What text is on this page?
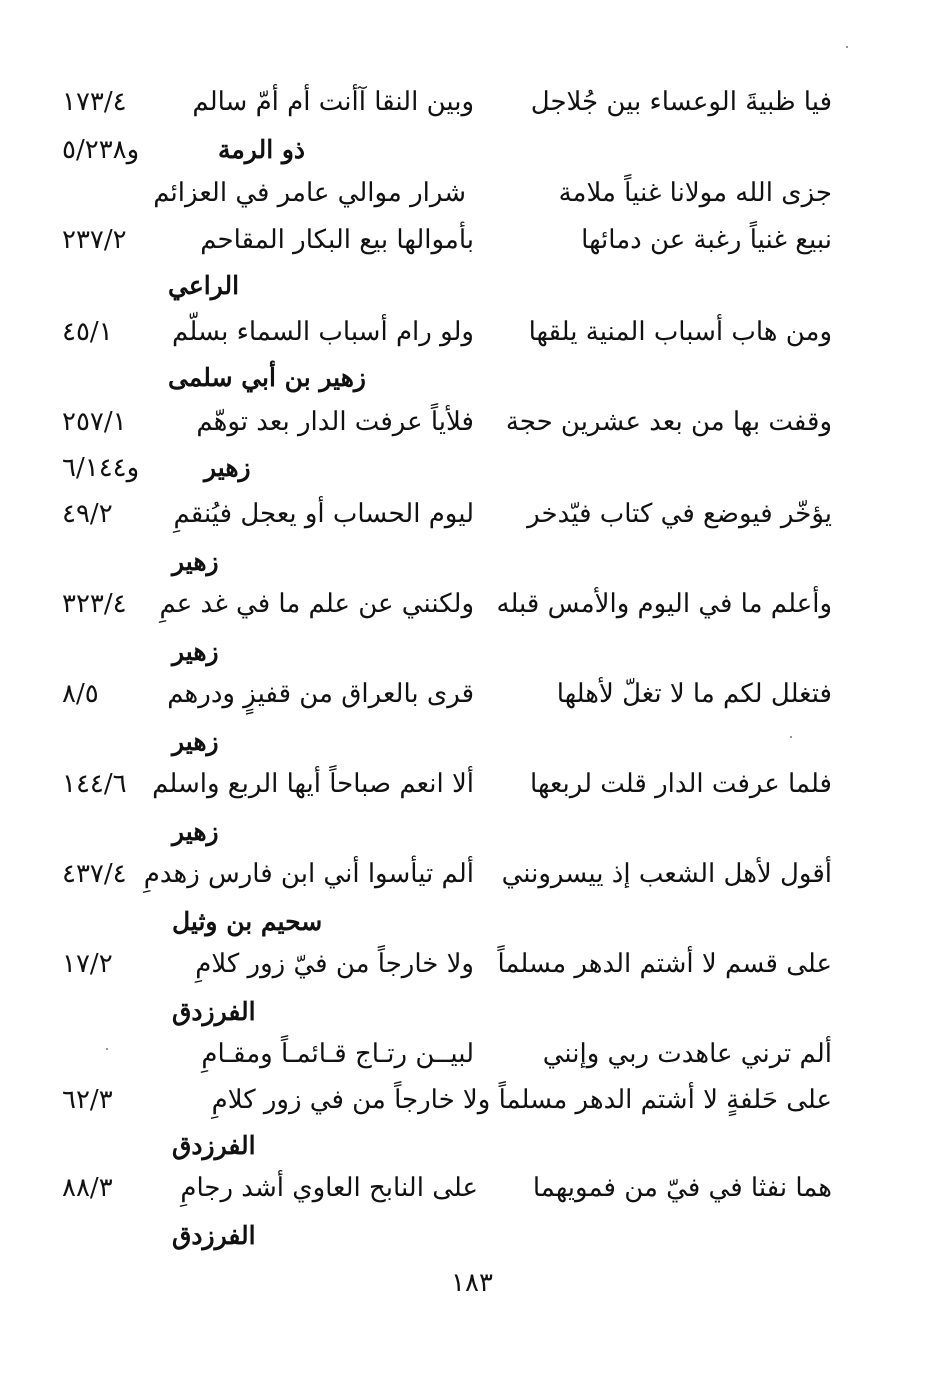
فيا ظبيةَ الوعساء بين جُلاجل
وبين النقا آأنت أم أمّ سالم
١٧٣/٤
ذو الرمة
و٥/٢٣٨
جزى الله مولانا غنياً ملامة
شرار موالي عامر في العزائم
نبيع غنياً رغبة عن دمائها
بأموالها بيع البكار المقاحم
٢٣٧/٢
الراعي
ومن هاب أسباب المنية يلقها
ولو رام أسباب السماء بسلّم
٤٥/١
زهير بن أبي سلمى
وقفت بها من بعد عشرين حجة
فلأياً عرفت الدار بعد توهّم
٢٥٧/١
زهير
و٦/١٤٤
يؤخّر فيوضع في كتاب فيّدخر
ليوم الحساب أو يعجل فيُنقمِ
٤٩/٢
زهير
وأعلم ما في اليوم والأمس قبله
ولكنني عن علم ما في غد عمِ
٣٢٣/٤
زهير
فتغلل لكم ما لا تغلّ لأهلها
قرى بالعراق من قفيزٍ ودرهم
٨/٥
زهير
فلما عرفت الدار قلت لربعها
ألا انعم صباحاً أيها الربع واسلم
١٤٤/٦
زهير
أقول لأهل الشعب إذ ييسرونني
ألم تيأسوا أني ابن فارس زهدمِ
٤٣٧/٤
سحيم بن وثيل
على قسم لا أشتم الدهر مسلماً
ولا خارجاً من فيّ زور كلامِ
١٧/٢
الفرزدق
ألم ترني عاهدت ربي وإنني
لبيــن رتـاج قـائمـاً ومقـامِ
على حَلفةٍ لا أشتم الدهر مسلماً ولا خارجاً من في زور كلامِ
٦٢/٣
الفرزدق
هما نفثا في فيّ من فمويهما
على النابح العاوي أشد رجامِ
٨٨/٣
الفرزدق
١٨٣
